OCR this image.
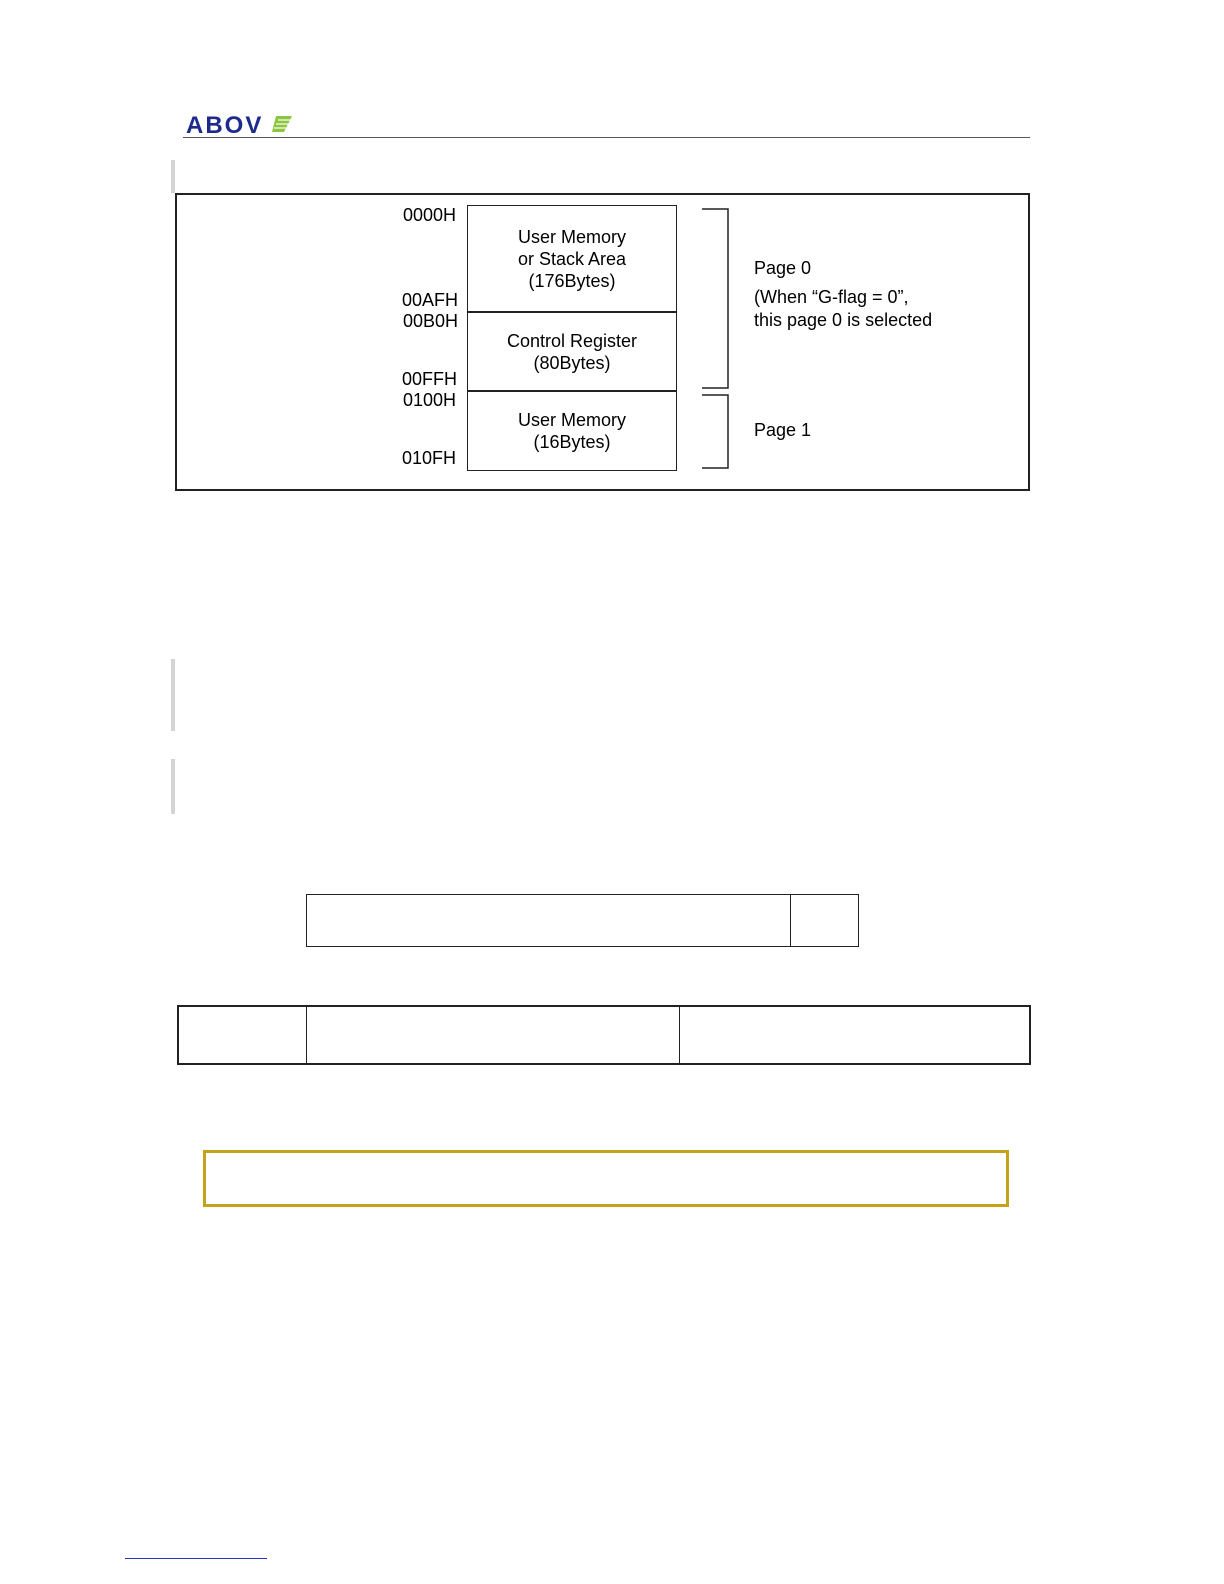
ABOV
User Memory
or Stack Area
(176Bytes)
Control Register
(80Bytes)
User Memory
(16Bytes)
0000H
00AFH
00B0H
00FFH
0100H
010FH
Page 0
(When “G-flag = 0”,
this page 0 is selected
Page 1
